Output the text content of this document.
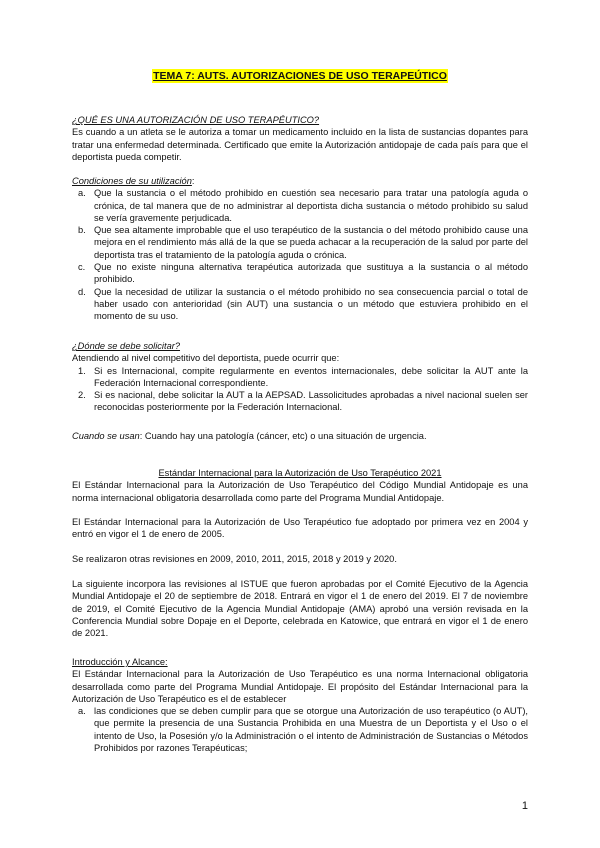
TEMA 7: AUTS. AUTORIZACIONES DE USO TERAPEÚTICO

¿QUÉ ES UNA AUTORIZACIÓN DE USO TERAPÉUTICO?

Es cuando a un atleta se le autoriza a tomar un medicamento incluido en la lista de sustancias dopantes para tratar una enfermedad determinada. Certificado que emite la Autorización antidopaje de cada país para que el deportista pueda competir.

Condiciones de su utilización:

a. Que la sustancia o el método prohibido en cuestión sea necesario para tratar una patología aguda o crónica, de tal manera que de no administrar al deportista dicha sustancia o método prohibido su salud se vería gravemente perjudicada.
b. Que sea altamente improbable que el uso terapéutico de la sustancia o del método prohibido cause una mejora en el rendimiento más allá de la que se pueda achacar a la recuperación de la salud por parte del deportista tras el tratamiento de la patología aguda o crónica.
c. Que no existe ninguna alternativa terapéutica autorizada que sustituya a la sustancia o al método prohibido.
d. Que la necesidad de utilizar la sustancia o el método prohibido no sea consecuencia parcial o total de haber usado con anterioridad (sin AUT) una sustancia o un método que estuviera prohibido en el momento de su uso.

¿Dónde se debe solicitar?

Atendiendo al nivel competitivo del deportista, puede ocurrir que:

1. Si es Internacional, compite regularmente en eventos internacionales, debe solicitar la AUT ante la Federación Internacional correspondiente.
2. Si es nacional, debe solicitar la AUT a la AEPSAD. Lassolicitudes aprobadas a nivel nacional suelen ser reconocidas posteriormente por la Federación Internacional.

Cuando se usan: Cuando hay una patología (cáncer, etc) o una situación de urgencia.

Estándar Internacional para la Autorización de Uso Terapéutico 2021

El Estándar Internacional para la Autorización de Uso Terapéutico del Código Mundial Antidopaje es una norma internacional obligatoria desarrollada como parte del Programa Mundial Antidopaje.

El Estándar Internacional para la Autorización de Uso Terapéutico fue adoptado por primera vez en 2004 y entró en vigor el 1 de enero de 2005.

Se realizaron otras revisiones en 2009, 2010, 2011, 2015, 2018 y 2019 y 2020.

La siguiente incorpora las revisiones al ISTUE que fueron aprobadas por el Comité Ejecutivo de la Agencia Mundial Antidopaje el 20 de septiembre de 2018. Entrará en vigor el 1 de enero del 2019. El 7 de noviembre de 2019, el Comité Ejecutivo de la Agencia Mundial Antidopaje (AMA) aprobó una versión revisada en la Conferencia Mundial sobre Dopaje en el Deporte, celebrada en Katowice, que entrará en vigor el 1 de enero de 2021.

Introducción y Alcance:

El Estándar Internacional para la Autorización de Uso Terapéutico es una norma Internacional obligatoria desarrollada como parte del Programa Mundial Antidopaje. El propósito del Estándar Internacional para la Autorización de Uso Terapéutico es el de establecer

a. las condiciones que se deben cumplir para que se otorgue una Autorización de uso terapéutico (o AUT), que permite la presencia de una Sustancia Prohibida en una Muestra de un Deportista y el Uso o el intento de Uso, la Posesión y/o la Administración o el intento de Administración de Sustancias o Métodos Prohibidos por razones Terapéuticas;
1
